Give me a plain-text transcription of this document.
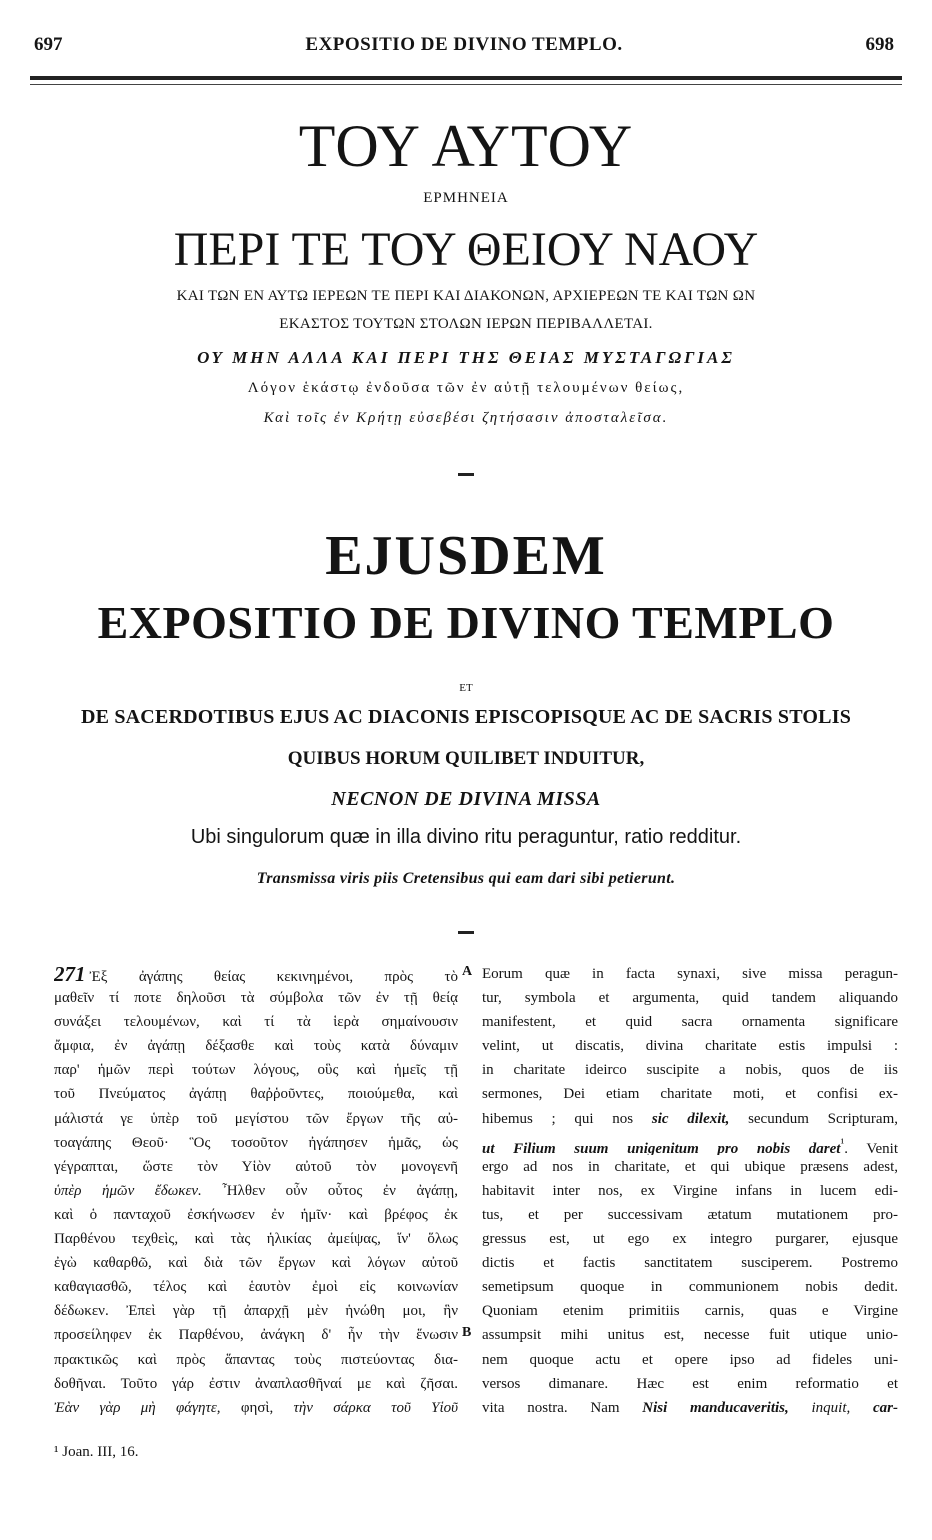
697	EXPOSITIO DE DIVINO TEMPLO.	698
ΤΟΥ ΑΥΤΟΥ
ΕΡΜΗΝΕΙΑ
ΠΕΡΙ ΤΕ ΤΟΥ ΘΕΙΟΥ ΝΑΟΥ
ΚΑΙ ΤΩΝ ΕΝ ΑΥΤΩ ΙΕΡΕΩΝ ΤΕ ΠΕΡΙ ΚΑΙ ΔΙΑΚΟΝΩΝ, ΑΡΧΙΕΡΕΩΝ ΤΕ ΚΑΙ ΤΩΝ ΩΝ
ΕΚΑΣΤΟΣ ΤΟΥΤΩΝ ΣΤΟΛΩΝ ΙΕΡΩΝ ΠΕΡΙΒΑΛΛΕΤΑΙ.
ΟΥ ΜΗΝ ΑΛΛΑ ΚΑΙ ΠΕΡΙ ΤΗΣ ΘΕΙΑΣ ΜΥΣΤΑΓΩΓΙΑΣ
Λόγον ἑκάστῳ ἐνδοῦσα τῶν ἐν αὐτῇ τελουμένων θείως,
Καὶ τοῖς ἐν Κρήτῃ εὐσεβέσι ζητήσασιν ἀποσταλεῖσα.
EJUSDEM
EXPOSITIO DE DIVINO TEMPLO
ET
DE SACERDOTIBUS EJUS AC DIACONIS EPISCOPISQUE AC DE SACRIS STOLIS
QUIBUS HORUM QUILIBET INDUITUR,
NECNON DE DIVINA MISSA
Ubi singulorum quæ in illa divino ritu peraguntur, ratio redditur.
Transmissa viris piis Cretensibus qui eam dari sibi petierunt.
271 Ἐξ ἀγάπης θείας κεκινημένοι, πρὸς τὸ
μαθεῖν τί ποτε δηλοῦσι τὰ σύμβολα τῶν ἐν τῇ θείᾳ
συνάξει τελουμένων, καὶ τί τὰ ἱερὰ σημαίνουσιν
ἄμφια, ἐν ἀγάπῃ δέξασθε καὶ τοὺς κατὰ δύναμιν
παρ' ἡμῶν περὶ τούτων λόγους, οὓς καὶ ἡμεῖς τῇ
τοῦ Πνεύματος ἀγάπῃ θαῤῥοῦντες, ποιούμεθα, καὶ
μάλιστά γε ὑπὲρ τοῦ μεγίστου τῶν ἔργων τῆς αὐ-
τοαγάπης Θεοῦ· Ὃς τοσοῦτον ἠγάπησεν ἡμᾶς, ὡς
γέγραπται, ὥστε τὸν Υἱὸν αὐτοῦ τὸν μονογενῆ
ὑπὲρ ἡμῶν ἔδωκεν. Ἦλθεν οὖν οὗτος ἐν ἀγάπῃ,
καὶ ὁ πανταχοῦ ἐσκήνωσεν ἐν ἡμῖν· καὶ βρέφος ἐκ
Παρθένου τεχθεὶς, καὶ τὰς ἡλικίας ἀμείψας, ἵν' ὅλως
ἐγὼ καθαρθῶ, καὶ διὰ τῶν ἔργων καὶ λόγων αὐτοῦ
καθαγιασθῶ, τέλος καὶ ἑαυτὸν ἐμοὶ εἰς κοινωνίαν
δέδωκεν. Ἐπεὶ γὰρ τῇ ἀπαρχῇ μὲν ἡνώθη μοι, ἣν
προσείληφεν ἐκ Παρθένου, ἀνάγκη δ' ἦν τὴν ἕνωσιν
πρακτικῶς καὶ πρὸς ἅπαντας τοὺς πιστεύοντας δια-
δοθῆναι. Τοῦτο γάρ ἐστιν ἀναπλασθῆναί με καὶ ζῆσαι.
Ἐὰν γὰρ μὴ φάγητε, φησὶ, τὴν σάρκα τοῦ Υἱοῦ
A
B
Eorum quæ in facta synaxi, sive missa peragun-
tur, symbola et argumenta, quid tandem aliquando
manifestent, et quid sacra ornamenta significare
velint, ut discatis, divina charitate estis impulsi :
in charitate ideirco suscipite a nobis, quos de iis
sermones, Dei etiam charitate moti, et confisi ex-
hibemus ; qui nos sic dilexit, secundum Scripturam,
ut Filium suum unigenitum pro nobis daret$^{^1}$. Venit
ergo ad nos in charitate, et qui ubique præsens adest,
habitavit inter nos, ex Virgine infans in lucem edi-
tus, et per successivam ætatum mutationem pro-
gressus est, ut ego ex integro purgarer, ejusque
dictis et factis sanctitatem susciperem. Postremo
semetipsum quoque in communionem nobis dedit.
Quoniam etenim primitiis carnis, quas e Virgine
assumpsit mihi unitus est, necesse fuit utique unio-
nem quoque actu et opere ipso ad fideles uni-
versos dimanare. Hæc est enim reformatio et
vita nostra. Nam Nisi manducaveritis, inquit, car-
¹ Joan. III, 16.
